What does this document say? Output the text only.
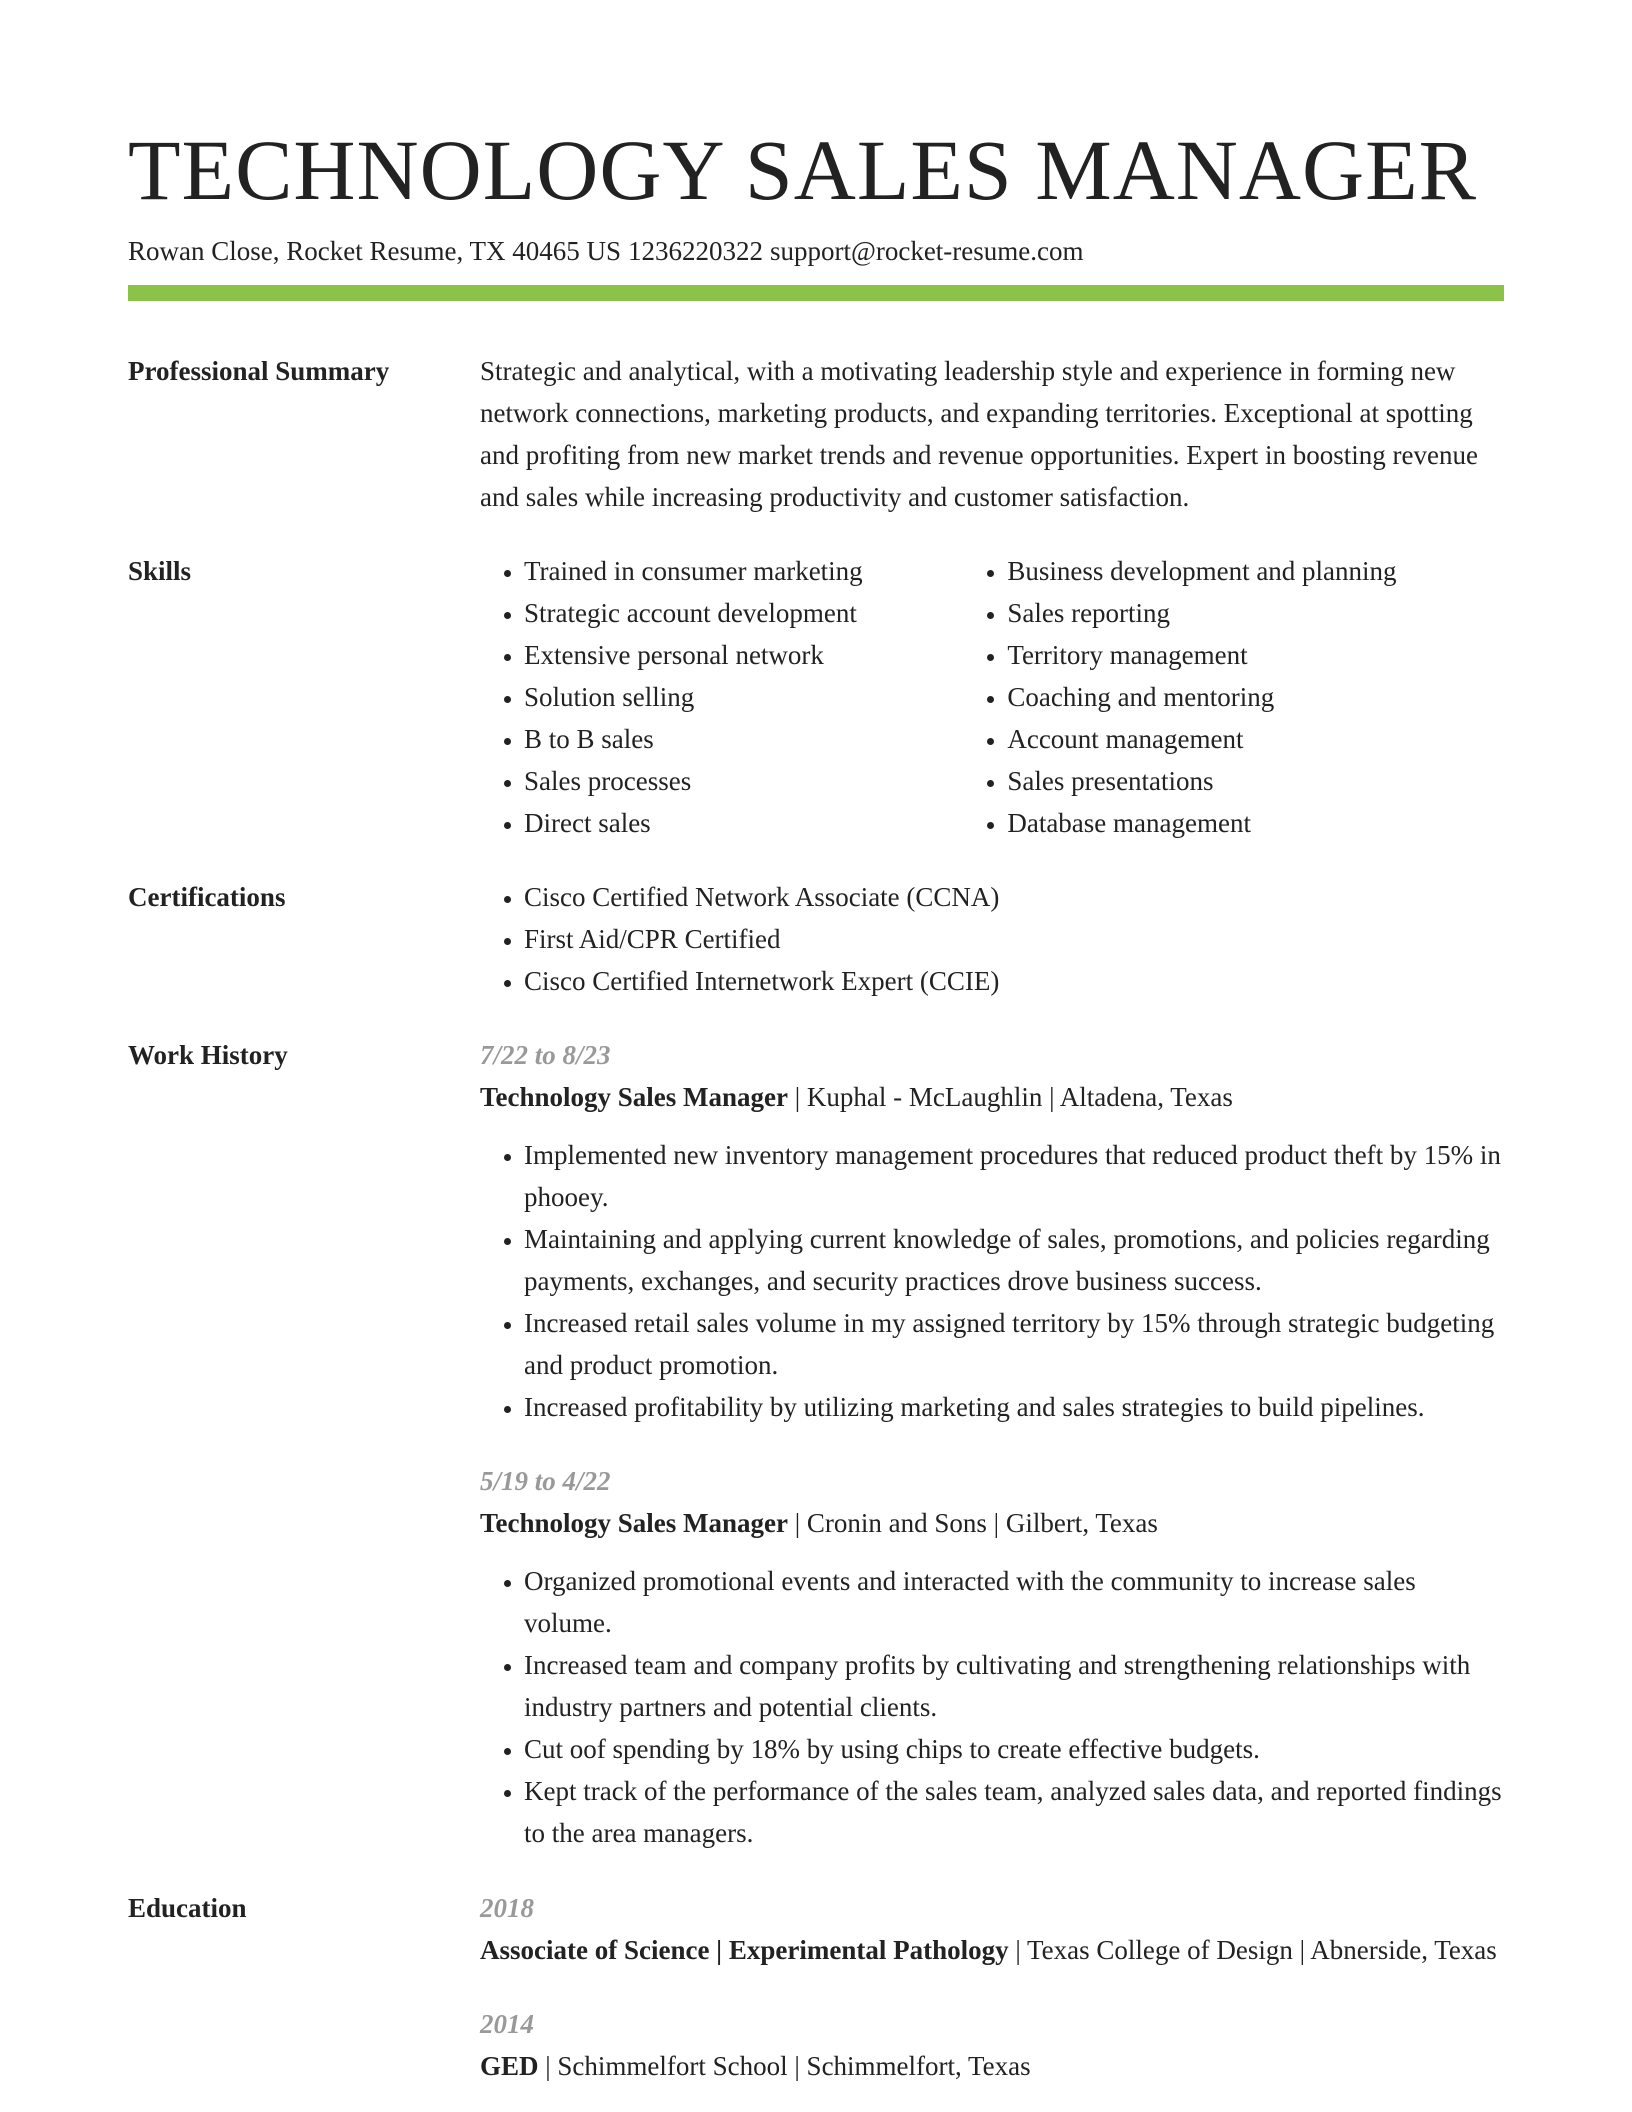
TECHNOLOGY SALES MANAGER
Rowan Close, Rocket Resume, TX 40465 US 1236220322 support@rocket-resume.com
Professional Summary	Strategic and analytical, with a motivating leadership style and experience in forming new network connections, marketing products, and expanding territories. Exceptional at spotting and profiting from new market trends and revenue opportunities. Expert in boosting revenue and sales while increasing productivity and customer satisfaction.

Skills	• Trained in consumer marketing
• Strategic account development
• Extensive personal network
• Solution selling
• B to B sales
• Sales processes
• Direct sales
• Business development and planning
• Sales reporting
• Territory management
• Coaching and mentoring
• Account management
• Sales presentations
• Database management
Certifications	• Cisco Certified Network Associate (CCNA)
• First Aid/CPR Certified
• Cisco Certified Internetwork Expert (CCIE)
Work History	7/22 to 8/23
Technology Sales Manager | Kuphal - McLaughlin | Altadena, Texas
• Implemented new inventory management procedures that reduced product theft by 15% in phooey.
• Maintaining and applying current knowledge of sales, promotions, and policies regarding payments, exchanges, and security practices drove business success.
• Increased retail sales volume in my assigned territory by 15% through strategic budgeting and product promotion.
• Increased profitability by utilizing marketing and sales strategies to build pipelines.
5/19 to 4/22
Technology Sales Manager | Cronin and Sons | Gilbert, Texas
• Organized promotional events and interacted with the community to increase sales volume.
• Increased team and company profits by cultivating and strengthening relationships with industry partners and potential clients.
• Cut oof spending by 18% by using chips to create effective budgets.
• Kept track of the performance of the sales team, analyzed sales data, and reported findings to the area managers.
Education	2018
Associate of Science | Experimental Pathology | Texas College of Design | Abnerside, Texas
2014
GED | Schimmelfort School | Schimmelfort, Texas
